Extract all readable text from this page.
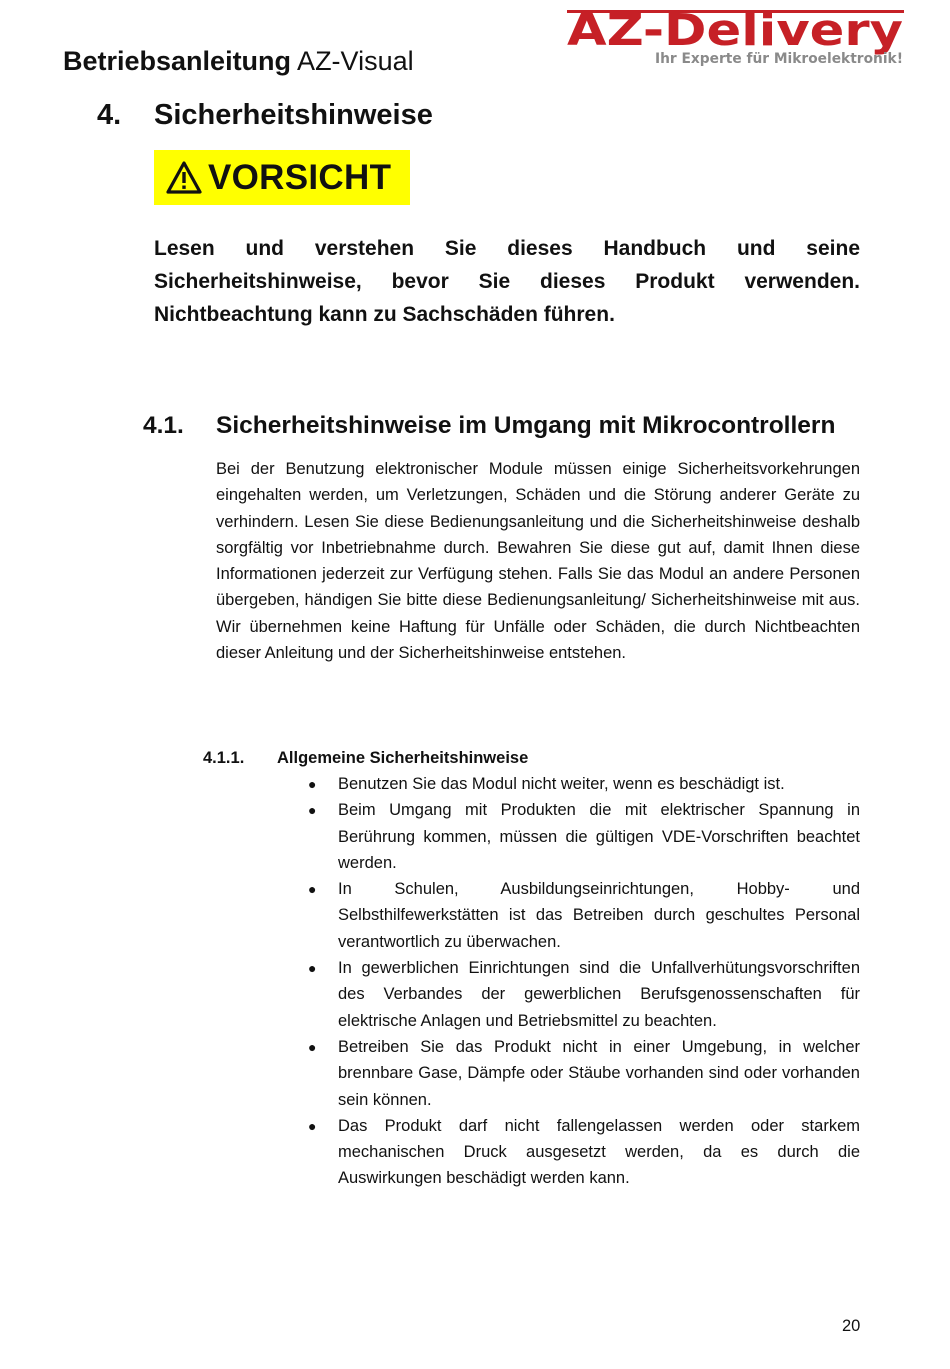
Betriebsanleitung AZ-Visual
AZ-Delivery
Ihr Experte für Mikroelektronik!
4. Sicherheitshinweise
VORSICHT

Lesen und verstehen Sie dieses Handbuch und seine Sicherheitshinweise, bevor Sie dieses Produkt verwenden. Nichtbeachtung kann zu Sachschäden führen.

4.1. Sicherheitshinweise im Umgang mit Mikrocontrollern

Bei der Benutzung elektronischer Module müssen einige Sicherheitsvorkehrungen eingehalten werden, um Verletzungen, Schäden und die Störung anderer Geräte zu verhindern. Lesen Sie diese Bedienungsanleitung und die Sicherheitshinweise deshalb sorgfältig vor Inbetriebnahme durch. Bewahren Sie diese gut auf, damit Ihnen diese Informationen jederzeit zur Verfügung stehen. Falls Sie das Modul an andere Personen übergeben, händigen Sie bitte diese Bedienungsanleitung/ Sicherheitshinweise mit aus. Wir übernehmen keine Haftung für Unfälle oder Schäden, die durch Nichtbeachten dieser Anleitung und der Sicherheitshinweise entstehen.

4.1.1. Allgemeine Sicherheitshinweise
● Benutzen Sie das Modul nicht weiter, wenn es beschädigt ist.
● Beim Umgang mit Produkten die mit elektrischer Spannung in Berührung kommen, müssen die gültigen VDE-Vorschriften beachtet werden.
● In Schulen, Ausbildungseinrichtungen, Hobby- und Selbsthilfewerkstätten ist das Betreiben durch geschultes Personal verantwortlich zu überwachen.
● In gewerblichen Einrichtungen sind die Unfallverhütungsvorschriften des Verbandes der gewerblichen Berufsgenossenschaften für elektrische Anlagen und Betriebsmittel zu beachten.
● Betreiben Sie das Produkt nicht in einer Umgebung, in welcher brennbare Gase, Dämpfe oder Stäube vorhanden sind oder vorhanden sein können.
● Das Produkt darf nicht fallengelassen werden oder starkem mechanischen Druck ausgesetzt werden, da es durch die Auswirkungen beschädigt werden kann.
20
